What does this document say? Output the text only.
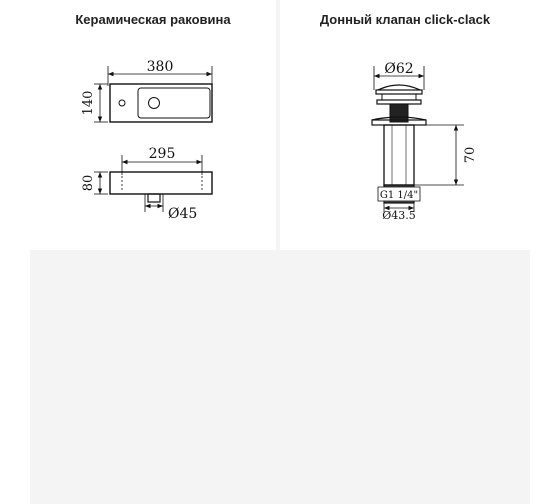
Керамическая раковина
380
140
295
80
Ø45
Донный клапан click-clack
Ø62
70
G1 1/4"
Ø43.5
